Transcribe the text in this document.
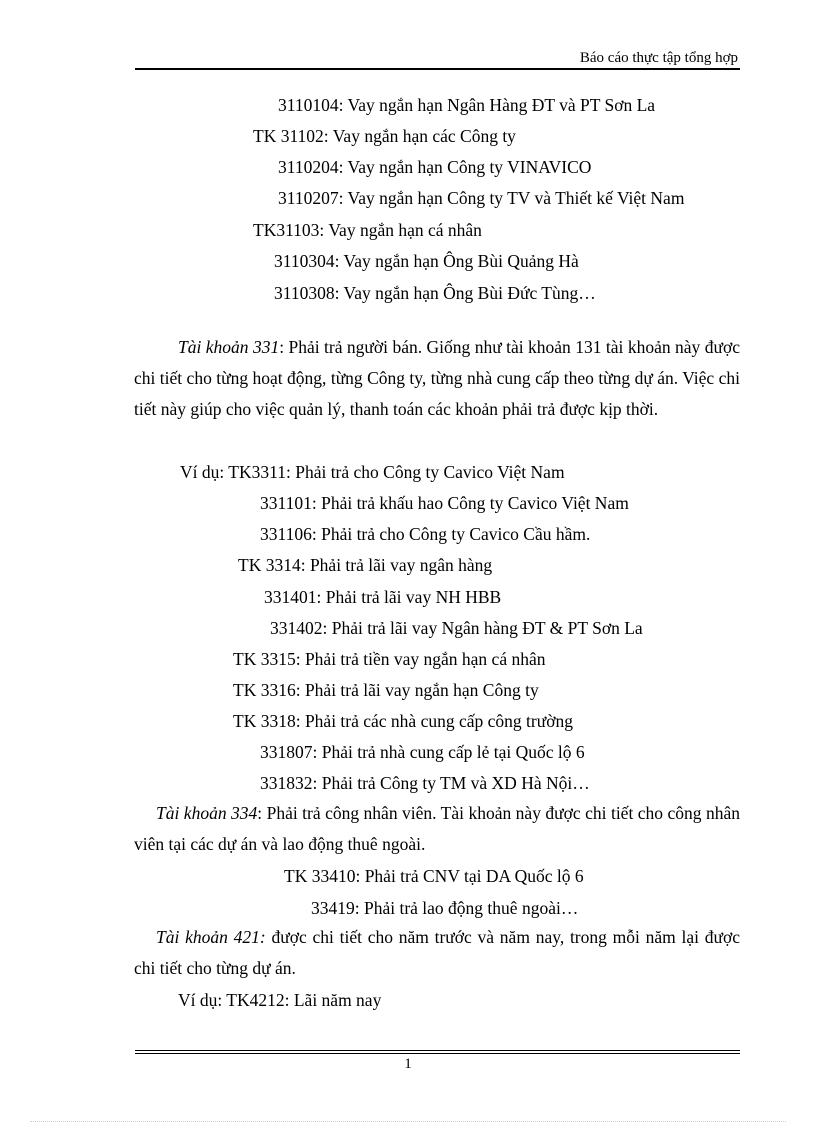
Báo cáo thực tập tổng hợp
3110104: Vay ngắn hạn Ngân Hàng ĐT và PT Sơn La
TK 31102: Vay ngắn hạn các Công ty
3110204: Vay ngắn hạn Công ty VINAVICO
3110207: Vay ngắn hạn Công ty TV và Thiết kế Việt Nam
TK31103: Vay ngắn hạn cá nhân
3110304: Vay ngắn hạn Ông Bùi Quảng Hà
3110308: Vay ngắn hạn Ông Bùi Đức Tùng…
Tài khoản 331: Phải trả người bán. Giống như tài khoản 131 tài khoản này được chi tiết cho từng hoạt động, từng Công ty, từng nhà cung cấp theo từng dự án. Việc chi tiết này giúp cho việc quản lý, thanh toán các khoản phải trả được kịp thời.
Ví dụ: TK3311: Phải trả cho Công ty Cavico Việt Nam
331101: Phải trả khấu hao Công ty Cavico Việt Nam
331106: Phải trả cho Công ty Cavico Cầu hầm.
TK 3314: Phải trả lãi vay ngân hàng
331401: Phải trả lãi vay NH HBB
331402: Phải trả lãi vay Ngân hàng ĐT & PT Sơn La
TK 3315: Phải trả tiền vay ngắn hạn cá nhân
TK 3316: Phải trả lãi vay ngắn hạn Công ty
TK 3318: Phải trả các nhà cung cấp công trường
331807: Phải trả nhà cung cấp lẻ tại Quốc lộ 6
331832: Phải trả Công ty TM và XD Hà Nội…
Tài khoản 334: Phải trả công nhân viên. Tài khoản này được chi tiết cho công nhân viên tại các dự án và lao động thuê ngoài.
TK 33410: Phải trả CNV tại DA Quốc lộ 6
33419: Phải trả lao động thuê ngoài…
Tài khoản 421: được chi tiết cho năm trước và năm nay, trong mỗi năm lại được chi tiết cho từng dự án.
Ví dụ: TK4212: Lãi năm nay
1
